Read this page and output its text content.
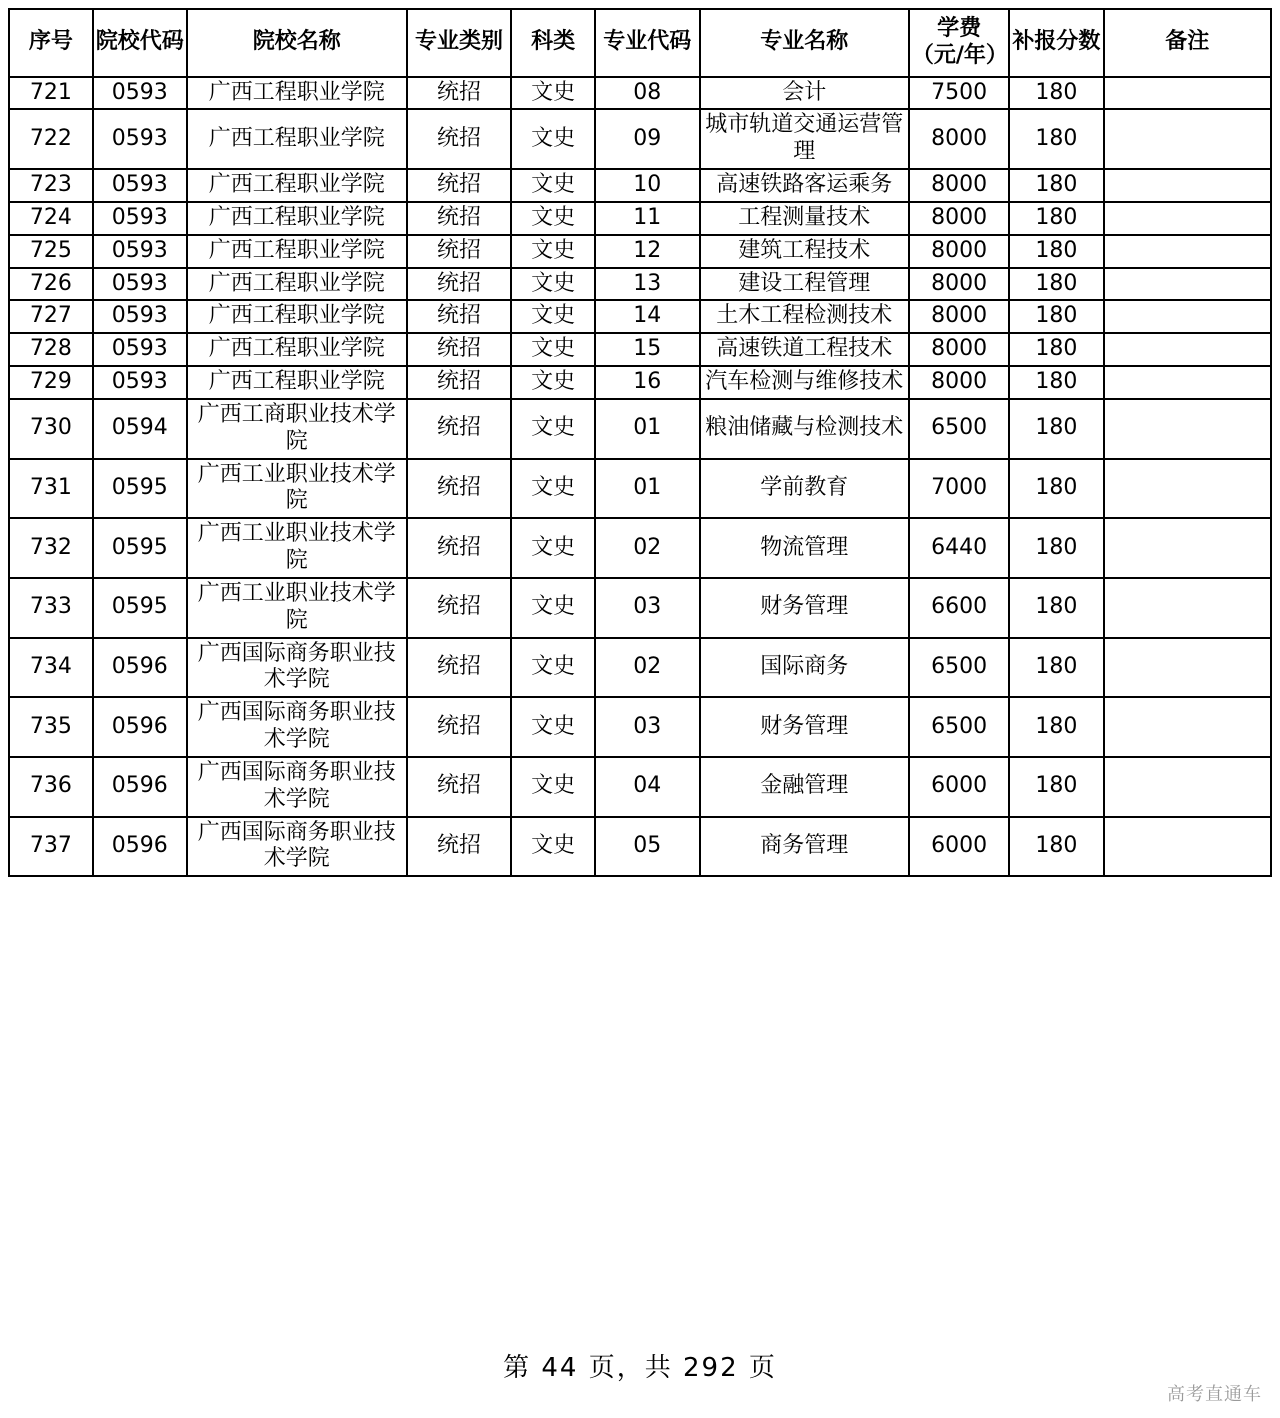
序号	院校代码	院校名称	专业类别	科类	专业代码	专业名称	学费（元/年）	补报分数	备注
721	0593	广西工程职业学院	统招	文史	08	会计	7500	180	
722	0593	广西工程职业学院	统招	文史	09	城市轨道交通运营管理	8000	180	
723	0593	广西工程职业学院	统招	文史	10	高速铁路客运乘务	8000	180	
724	0593	广西工程职业学院	统招	文史	11	工程测量技术	8000	180	
725	0593	广西工程职业学院	统招	文史	12	建筑工程技术	8000	180	
726	0593	广西工程职业学院	统招	文史	13	建设工程管理	8000	180	
727	0593	广西工程职业学院	统招	文史	14	土木工程检测技术	8000	180	
728	0593	广西工程职业学院	统招	文史	15	高速铁道工程技术	8000	180	
729	0593	广西工程职业学院	统招	文史	16	汽车检测与维修技术	8000	180	
730	0594	广西工商职业技术学院	统招	文史	01	粮油储藏与检测技术	6500	180	
731	0595	广西工业职业技术学院	统招	文史	01	学前教育	7000	180	
732	0595	广西工业职业技术学院	统招	文史	02	物流管理	6440	180	
733	0595	广西工业职业技术学院	统招	文史	03	财务管理	6600	180	
734	0596	广西国际商务职业技术学院	统招	文史	02	国际商务	6500	180	
735	0596	广西国际商务职业技术学院	统招	文史	03	财务管理	6500	180	
736	0596	广西国际商务职业技术学院	统招	文史	04	金融管理	6000	180	
737	0596	广西国际商务职业技术学院	统招	文史	05	商务管理	6000	180	
第 44 页，共 292 页
高考直通车
